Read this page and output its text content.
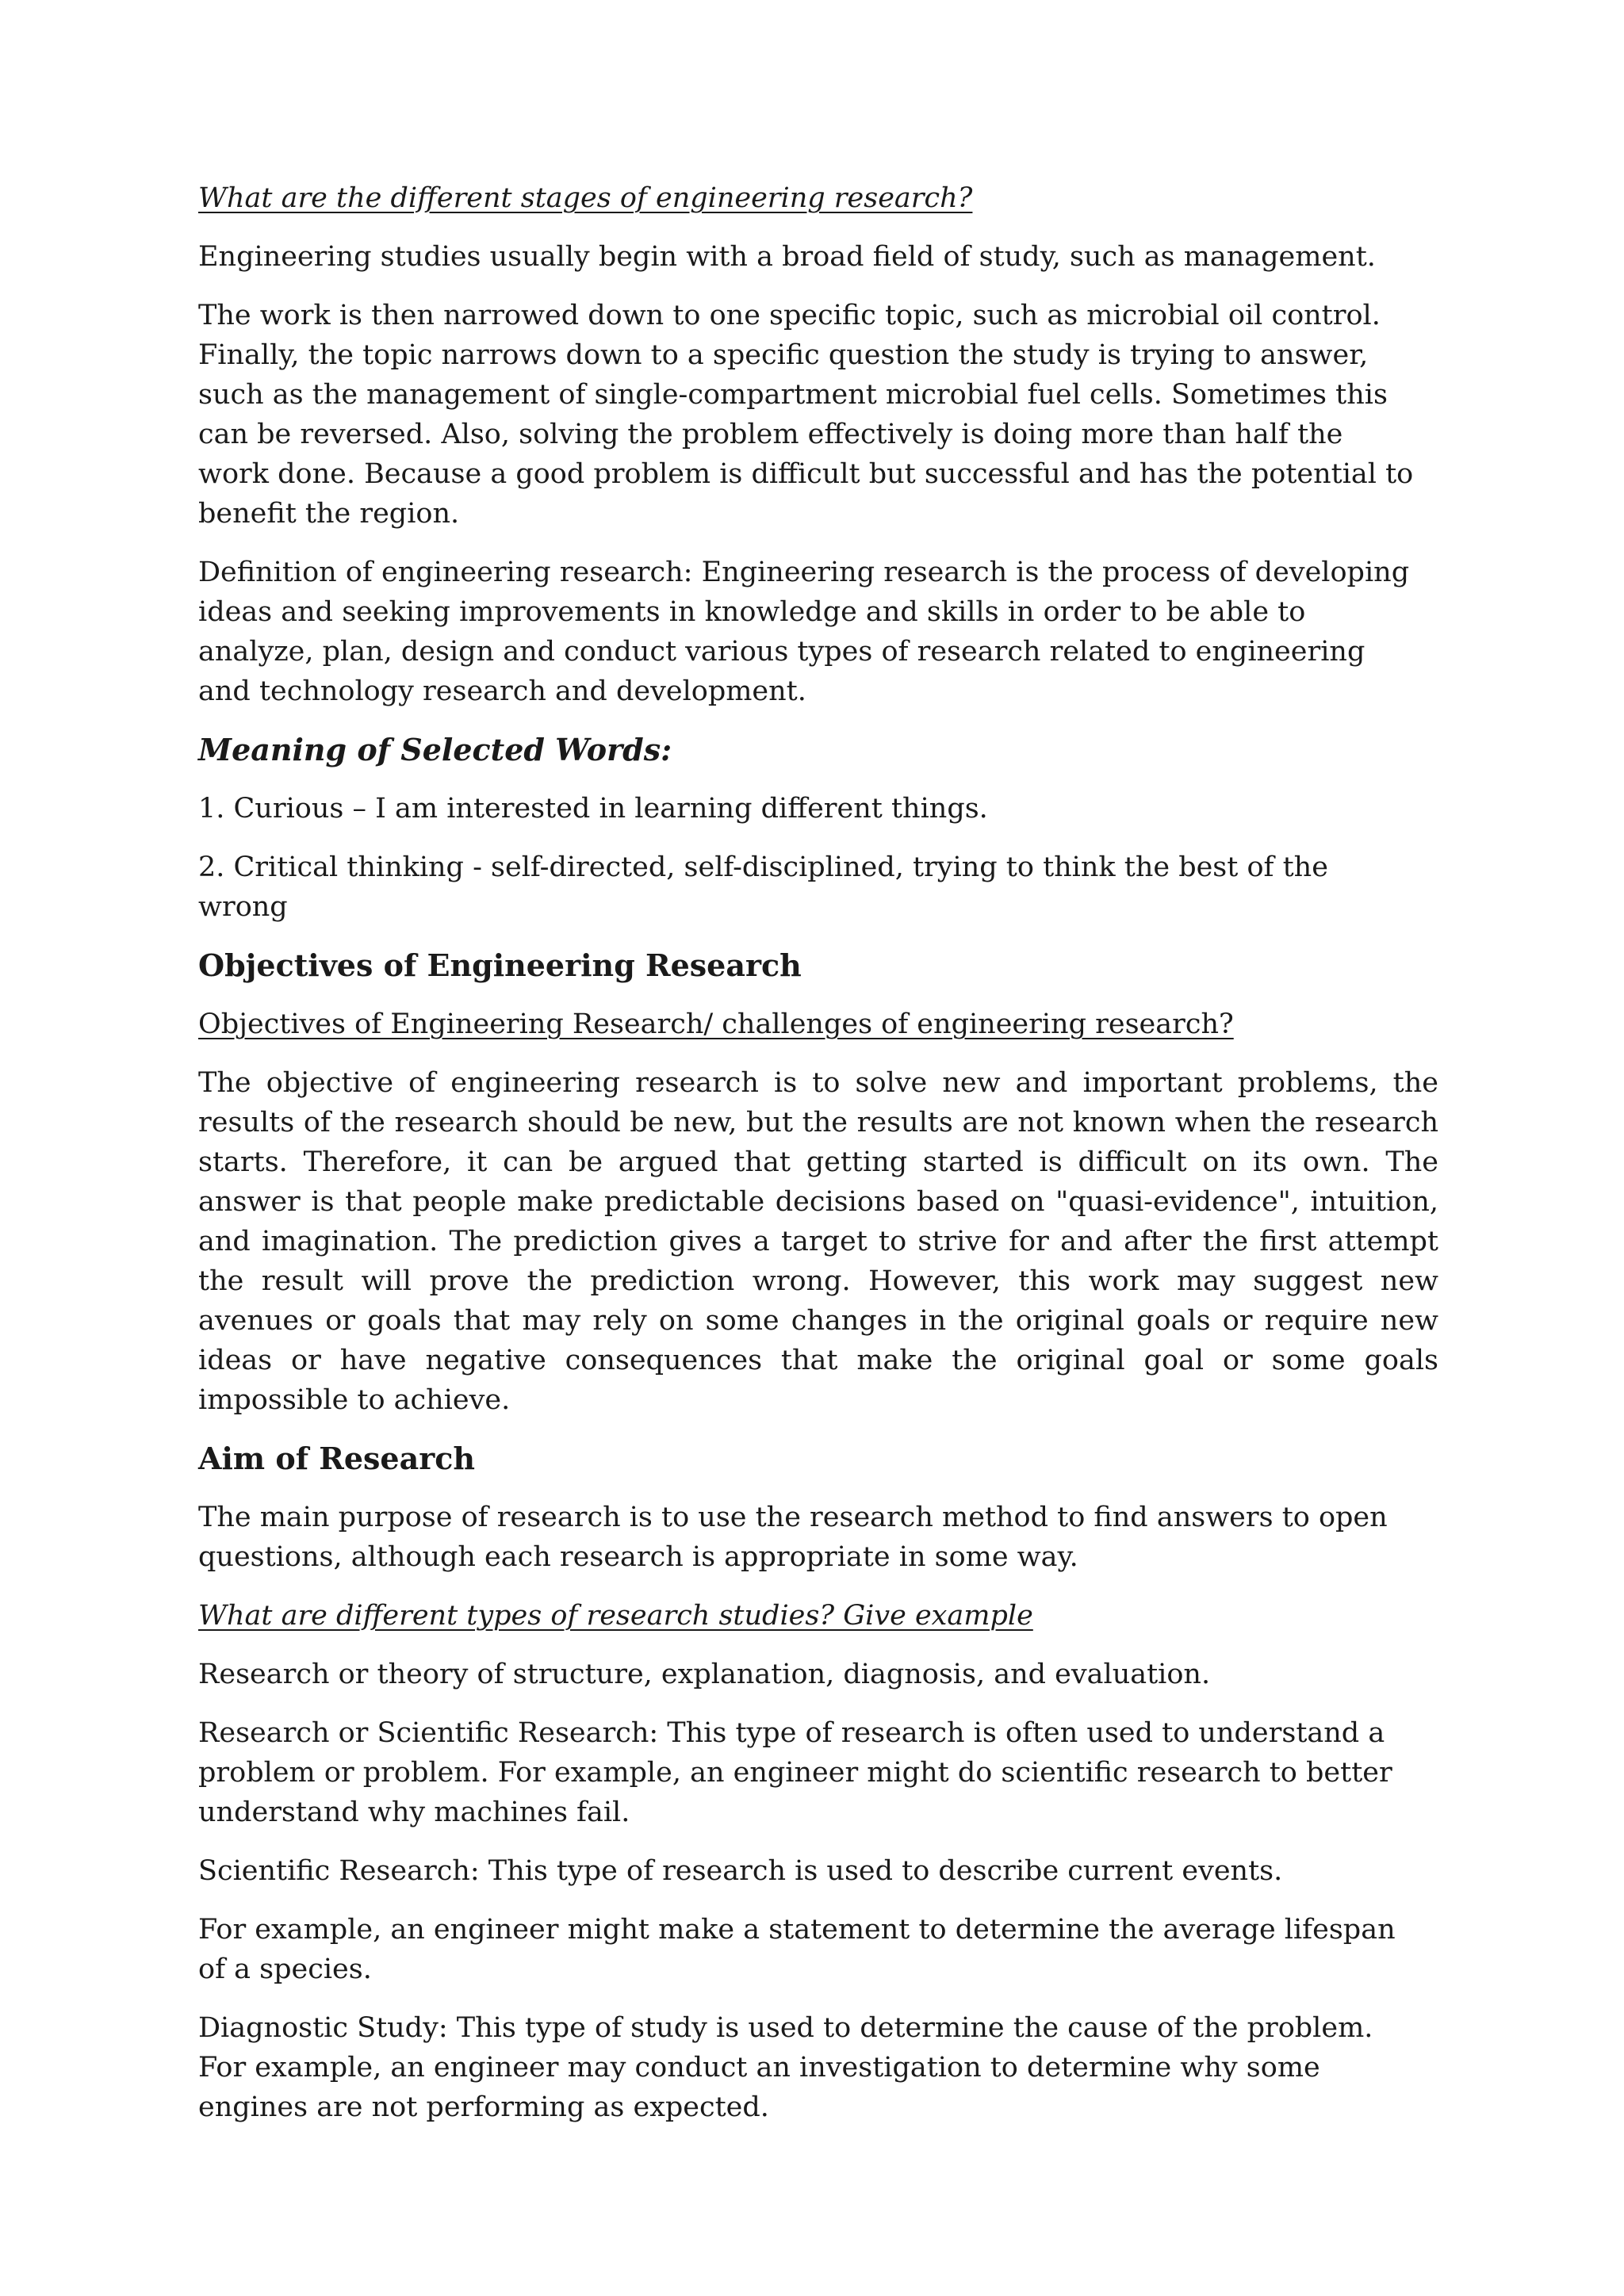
What are the different stages of engineering research?
Engineering studies usually begin with a broad field of study, such as management.
The work is then narrowed down to one specific topic, such as microbial oil control.
Finally, the topic narrows down to a specific question the study is trying to answer,
such as the management of single-compartment microbial fuel cells. Sometimes this
can be reversed. Also, solving the problem effectively is doing more than half the
work done. Because a good problem is difficult but successful and has the potential to
benefit the region.
Definition of engineering research: Engineering research is the process of developing
ideas and seeking improvements in knowledge and skills in order to be able to
analyze, plan, design and conduct various types of research related to engineering
and technology research and development.
Meaning of Selected Words:
1. Curious – I am interested in learning different things.
2. Critical thinking - self-directed, self-disciplined, trying to think the best of the
wrong
Objectives of Engineering Research
Objectives of Engineering Research/ challenges of engineering research?
The objective of engineering research is to solve new and important problems, the
results of the research should be new, but the results are not known when the research
starts. Therefore, it can be argued that getting started is difficult on its own. The
answer is that people make predictable decisions based on "quasi-evidence", intuition,
and imagination. The prediction gives a target to strive for and after the first attempt
the result will prove the prediction wrong. However, this work may suggest new
avenues or goals that may rely on some changes in the original goals or require new
ideas or have negative consequences that make the original goal or some goals
impossible to achieve.
Aim of Research
The main purpose of research is to use the research method to find answers to open
questions, although each research is appropriate in some way.
What are different types of research studies? Give example
Research or theory of structure, explanation, diagnosis, and evaluation.
Research or Scientific Research: This type of research is often used to understand a
problem or problem. For example, an engineer might do scientific research to better
understand why machines fail.
Scientific Research: This type of research is used to describe current events.
For example, an engineer might make a statement to determine the average lifespan
of a species.
Diagnostic Study: This type of study is used to determine the cause of the problem.
For example, an engineer may conduct an investigation to determine why some
engines are not performing as expected.
